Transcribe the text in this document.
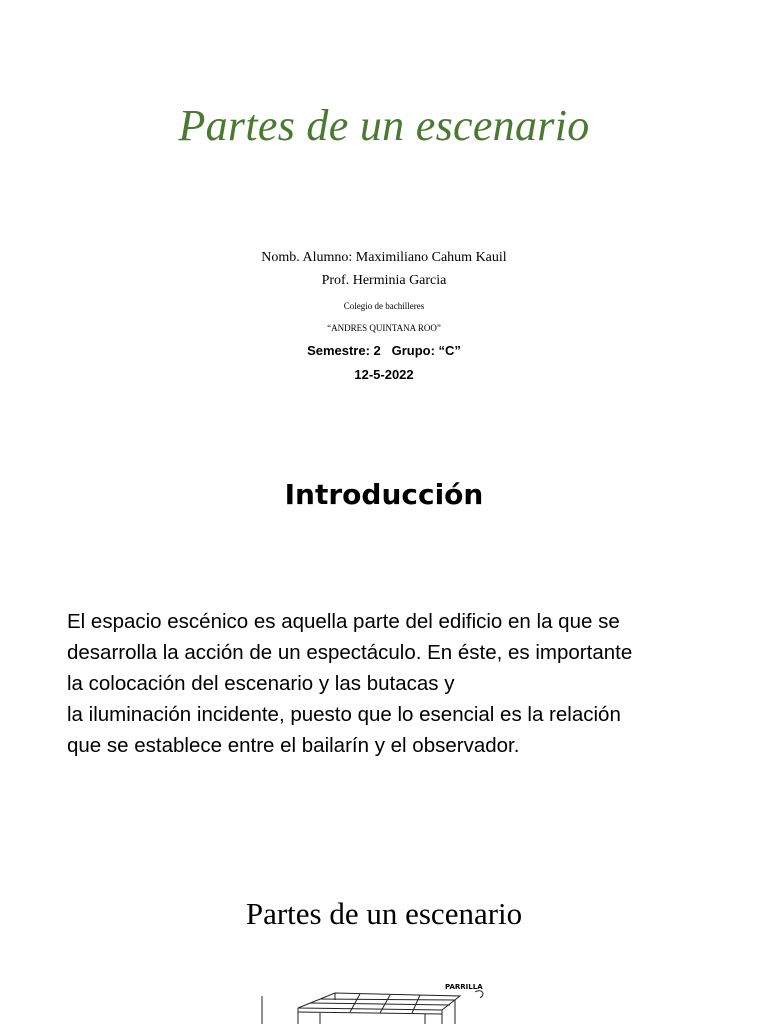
Partes de un escenario
Nomb. Alumno: Maximiliano Cahum Kauil
Prof. Herminia Garcia
Colegio de bachilleres
“ANDRES QUINTANA ROO”
Semestre: 2   Grupo: “C”
12-5-2022
Introducción
El espacio escénico es aquella parte del edificio en la que se
desarrolla la acción de un espectáculo. En éste, es importante
la colocación del escenario y las butacas y
la iluminación incidente, puesto que lo esencial es la relación
que se establece entre el bailarín y el observador.
Partes de un escenario
PARRILLA
